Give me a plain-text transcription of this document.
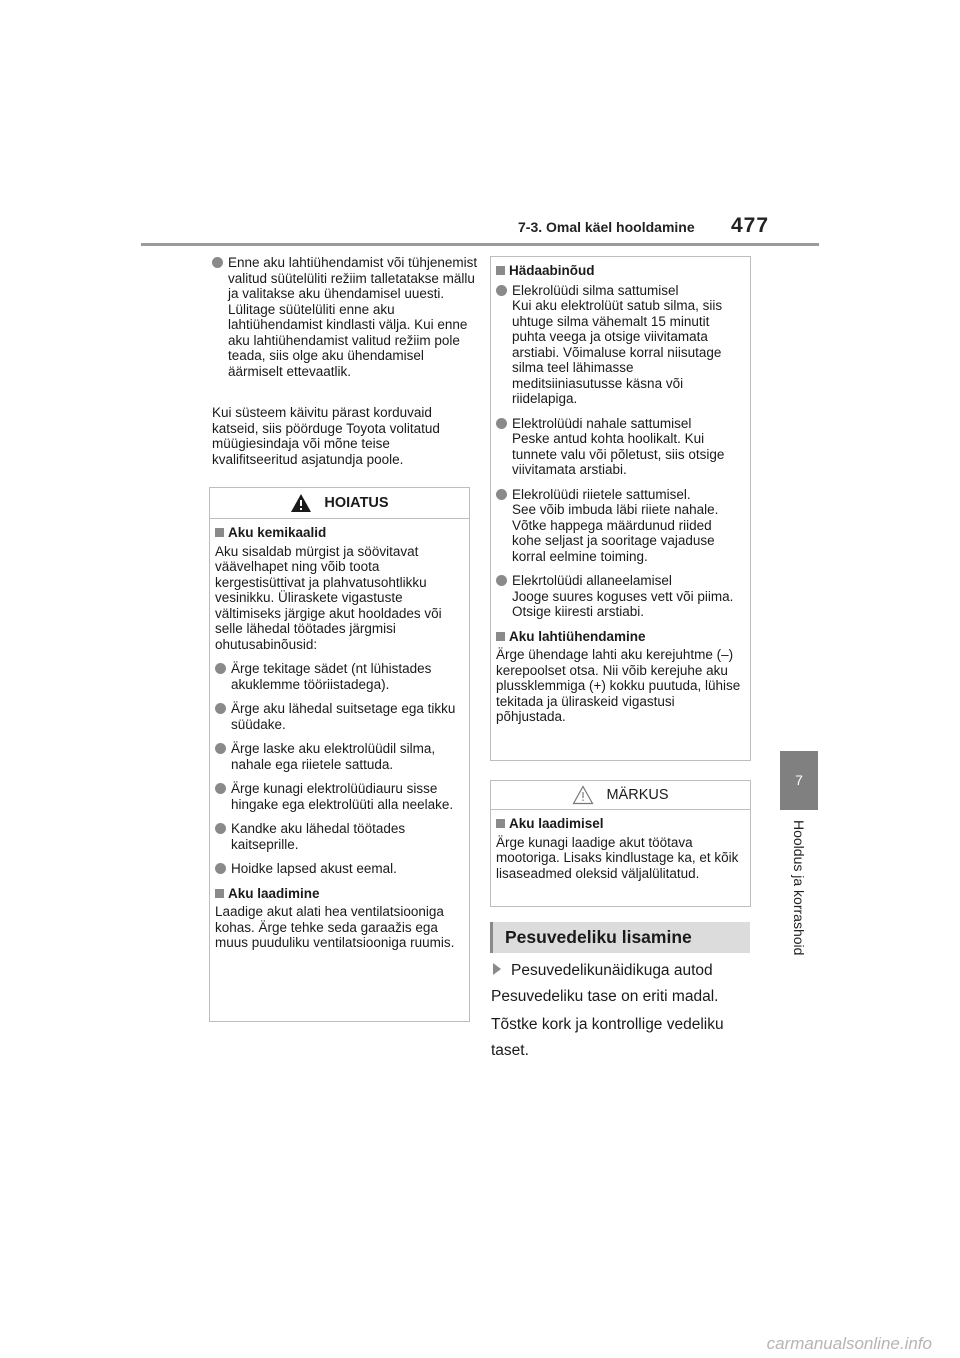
7-3. Omal käel hooldamine 477
7
Hooldus ja korrashoid
Enne aku lahtiühendamist või tühjenemist valitud süütelüliti režiim talletatakse mällu ja valitakse aku ühendamisel uuesti. Lülitage süütelüliti enne aku lahtiühendamist kindlasti välja. Kui enne aku lahtiühendamist valitud režiim pole teada, siis olge aku ühendamisel äärmiselt ettevaatlik.
Kui süsteem käivitu pärast korduvaid katseid, siis pöörduge Toyota volitatud müügiesindaja või mõne teise kvalifitseeritud asjatundja poole.
HOIATUS
Aku kemikaalid
Aku sisaldab mürgist ja söövitavat väävelhapet ning võib toota kergestisüttivat ja plahvatusohtlikku vesinikku. Üliraskete vigastuste vältimiseks järgige akut hooldades või selle lähedal töötades järgmisi ohutusabinõusid:
Ärge tekitage sädet (nt lühistades akuklemme tööriistadega).
Ärge aku lähedal suitsetage ega tikku süüdake.
Ärge laske aku elektrolüüdil silma, nahale ega riietele sattuda.
Ärge kunagi elektrolüüdiauru sisse hingake ega elektrolüüti alla neelake.
Kandke aku lähedal töötades kaitseprille.
Hoidke lapsed akust eemal.
Aku laadimine
Laadige akut alati hea ventilatsiooniga kohas. Ärge tehke seda garaažis ega muus puuduliku ventilatsiooniga ruumis.
Hädaabinõud
Elekrolüüdi silma sattumisel
Kui aku elektrolüüt satub silma, siis uhtuge silma vähemalt 15 minutit puhta veega ja otsige viivitamata arstiabi. Võimaluse korral niisutage silma teel lähimasse meditsiiniasutusse käsna või riidelapiga.
Elektrolüüdi nahale sattumisel
Peske antud kohta hoolikalt. Kui tunnete valu või põletust, siis otsige viivitamata arstiabi.
Elekrolüüdi riietele sattumisel.
See võib imbuda läbi riiete nahale. Võtke happega määrdunud riided kohe seljast ja sooritage vajaduse korral eelmine toiming.
Elekrtolüüdi allaneelamisel
Jooge suures koguses vett või piima. Otsige kiiresti arstiabi.
Aku lahtiühendamine
Ärge ühendage lahti aku kerejuhtme (–) kerepoolset otsa. Nii võib kerejuhe aku plussklemmiga (+) kokku puutuda, lühise tekitada ja üliraskeid vigastusi põhjustada.
MÄRKUS
Aku laadimisel
Ärge kunagi laadige akut töötava mootoriga. Lisaks kindlustage ka, et kõik lisaseadmed oleksid väljalülitatud.
Pesuvedeliku lisamine
Pesuvedelikunäidikuga autod
Pesuvedeliku tase on eriti madal.
Tõstke kork ja kontrollige vedeliku taset.
carmanualsonline.info
